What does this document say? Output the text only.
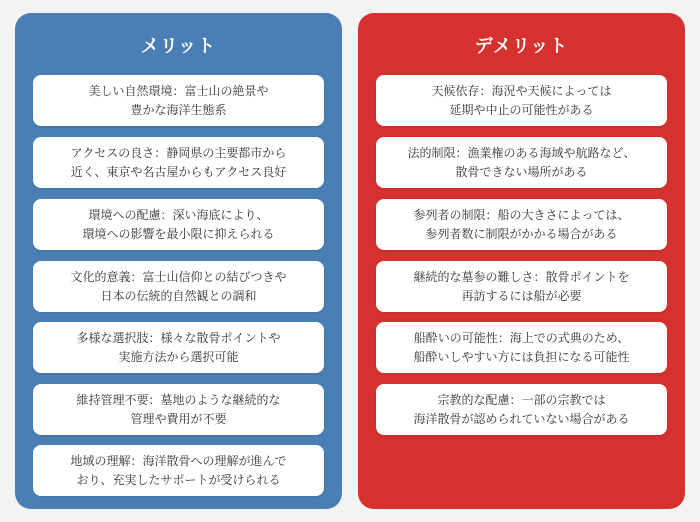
メリット
美しい自然環境：富士山の絶景や
豊かな海洋生態系
アクセスの良さ：静岡県の主要都市から
近く、東京や名古屋からもアクセス良好
環境への配慮：深い海底により、
環境への影響を最小限に抑えられる
文化的意義：富士山信仰との結びつきや
日本の伝統的自然観との調和
多様な選択肢：様々な散骨ポイントや
実施方法から選択可能
維持管理不要：墓地のような継続的な
管理や費用が不要
地域の理解：海洋散骨への理解が進んで
おり、充実したサポートが受けられる
デメリット
天候依存：海況や天候によっては
延期や中止の可能性がある
法的制限：漁業権のある海域や航路など、
散骨できない場所がある
参列者の制限：船の大きさによっては、
参列者数に制限がかかる場合がある
継続的な墓参の難しさ：散骨ポイントを
再訪するには船が必要
船酔いの可能性：海上での式典のため、
船酔いしやすい方には負担になる可能性
宗教的な配慮：一部の宗教では
海洋散骨が認められていない場合がある
